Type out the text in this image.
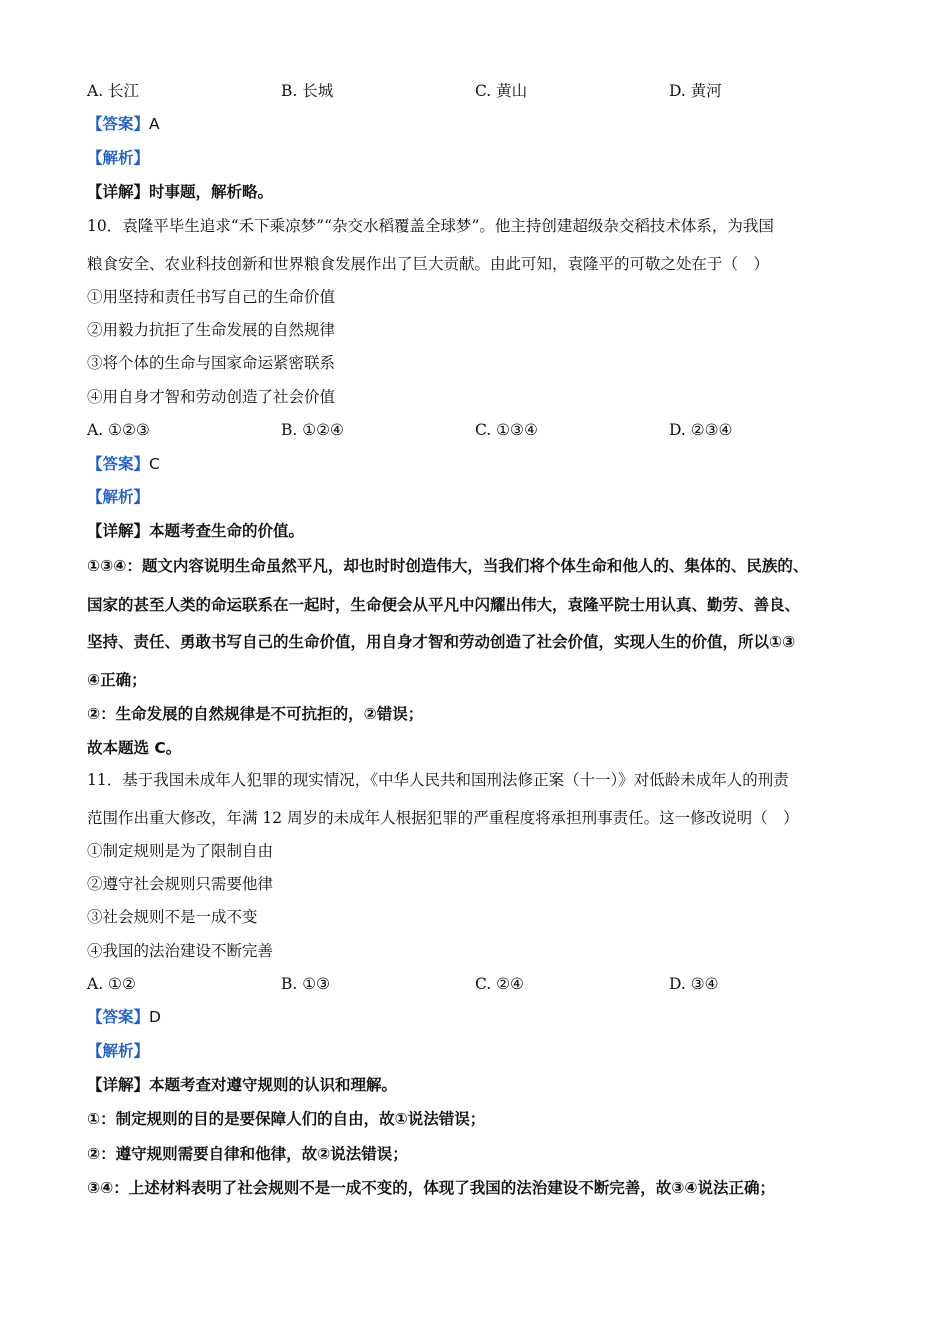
A. 长江	B. 长城	C. 黄山	D. 黄河
【答案】A
【解析】
【详解】时事题，解析略。
10．袁隆平毕生追求“禾下乘凉梦”“杂交水稻覆盖全球梦”。他主持创建超级杂交稻技术体系，为我国
粮食安全、农业科技创新和世界粮食发展作出了巨大贡献。由此可知，袁隆平的可敬之处在于（　）
①用坚持和责任书写自己的生命价值
②用毅力抗拒了生命发展的自然规律
③将个体的生命与国家命运紧密联系
④用自身才智和劳动创造了社会价值
A. ①②③	B. ①②④	C. ①③④	D. ②③④
【答案】C
【解析】
【详解】本题考查生命的价值。
①③④：题文内容说明生命虽然平凡，却也时时创造伟大，当我们将个体生命和他人的、集体的、民族的、
国家的甚至人类的命运联系在一起时，生命便会从平凡中闪耀出伟大，袁隆平院士用认真、勤劳、善良、
坚持、责任、勇敢书写自己的生命价值，用自身才智和劳动创造了社会价值，实现人生的价值，所以①③
④正确；
②：生命发展的自然规律是不可抗拒的，②错误；
故本题选 C。
11．基于我国未成年人犯罪的现实情况，《中华人民共和国刑法修正案（十一）》对低龄未成年人的刑责
范围作出重大修改，年满 12 周岁的未成年人根据犯罪的严重程度将承担刑事责任。这一修改说明（　）
①制定规则是为了限制自由
②遵守社会规则只需要他律
③社会规则不是一成不变
④我国的法治建设不断完善
A. ①②	B. ①③	C. ②④	D. ③④
【答案】D
【解析】
【详解】本题考查对遵守规则的认识和理解。
①：制定规则的目的是要保障人们的自由，故①说法错误；
②：遵守规则需要自律和他律，故②说法错误；
③④：上述材料表明了社会规则不是一成不变的，体现了我国的法治建设不断完善，故③④说法正确；
